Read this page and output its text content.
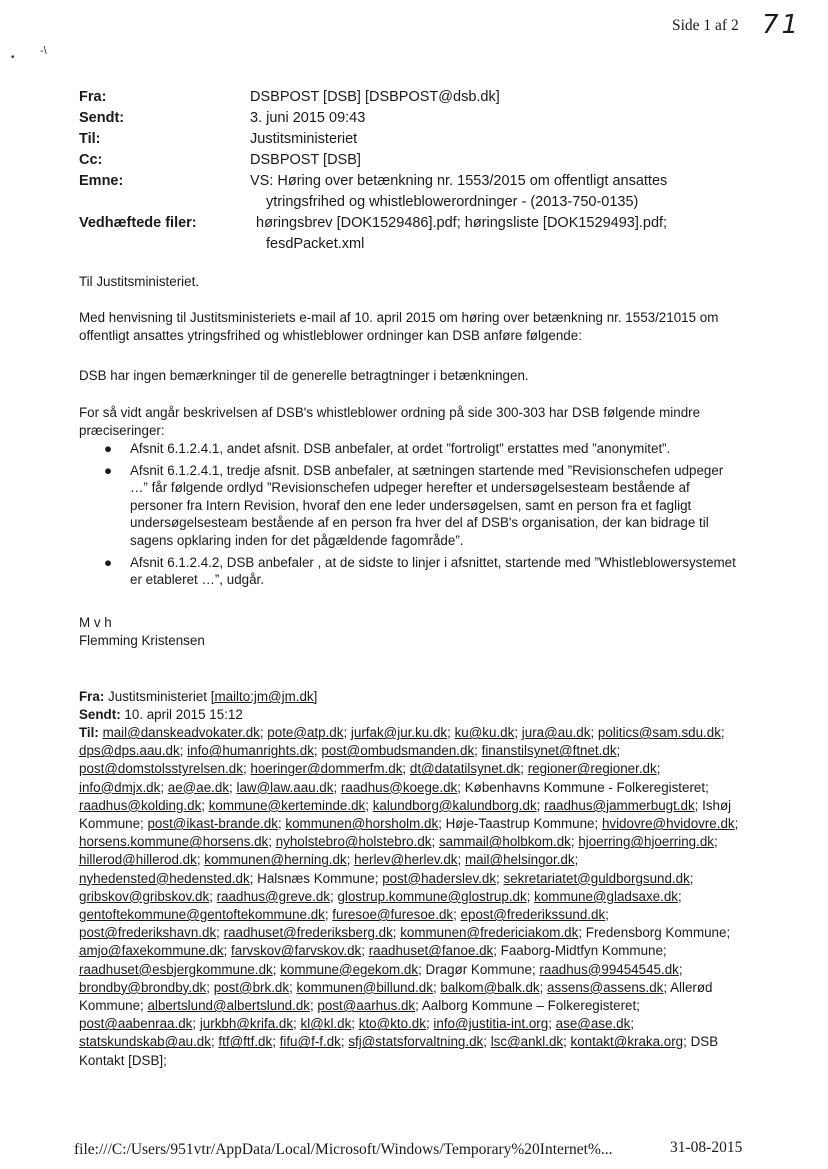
Side 1 af 2 71
•
-\
Fra:	DSBPOST [DSB] [DSBPOST@dsb.dk]
Sendt:	3. juni 2015 09:43
Til:	Justitsministeriet
Cc:	DSBPOST [DSB]
Emne:	VS: Høring over betænkning nr. 1553/2015 om offentligt ansattes
ytringsfrihed og whistleblowerordninger - (2013-750-0135)
Vedhæftede filer:	høringsbrev [DOK1529486].pdf; høringsliste [DOK1529493].pdf;
fesdPacket.xml

Til Justitsministeriet.

Med henvisning til Justitsministeriets e-mail af 10. april 2015 om høring over betænkning nr. 1553/21015 om offentligt ansattes ytringsfrihed og whistleblower ordninger kan DSB anføre følgende:

DSB har ingen bemærkninger til de generelle betragtninger i betænkningen.

For så vidt angår beskrivelsen af DSB's whistleblower ordning på side 300-303 har DSB følgende mindre præciseringer:

● Afsnit 6.1.2.4.1, andet afsnit. DSB anbefaler, at ordet ”fortroligt” erstattes med ”anonymitet”.
● Afsnit 6.1.2.4.1, tredje afsnit. DSB anbefaler, at sætningen startende med ”Revisionschefen udpeger …” får følgende ordlyd ”Revisionschefen udpeger herefter et undersøgelsesteam bestående af personer fra Intern Revision, hvoraf den ene leder undersøgelsen, samt en person fra et fagligt undersøgelsesteam bestående af en person fra hver del af DSB's organisation, der kan bidrage til sagens opklaring inden for det pågældende fagområde”.
● Afsnit 6.1.2.4.2, DSB anbefaler , at de sidste to linjer i afsnittet, startende med ”Whistleblowersystemet er etableret …”, udgår.
M v h
Flemming Kristensen
Fra: Justitsministeriet [mailto:jm@jm.dk]
Sendt: 10. april 2015 15:12
Til: mail@danskeadvokater.dk; pote@atp.dk; jurfak@jur.ku.dk; ku@ku.dk; jura@au.dk; politics@sam.sdu.dk; dps@dps.aau.dk; info@humanrights.dk; post@ombudsmanden.dk; finanstilsynet@ftnet.dk; post@domstolsstyrelsen.dk; hoeringer@dommerfm.dk; dt@datatilsynet.dk; regioner@regioner.dk; info@dmjx.dk; ae@ae.dk; law@law.aau.dk; raadhus@koege.dk; Københavns Kommune - Folkeregisteret; raadhus@kolding.dk; kommune@kerteminde.dk; kalundborg@kalundborg.dk; raadhus@jammerbugt.dk; Ishøj Kommune; post@ikast-brande.dk; kommunen@horsholm.dk; Høje-Taastrup Kommune; hvidovre@hvidovre.dk; horsens.kommune@horsens.dk; nyholstebro@holstebro.dk; sammail@holbkom.dk; hjoerring@hjoerring.dk; hillerod@hillerod.dk; kommunen@herning.dk; herlev@herlev.dk; mail@helsingor.dk; nyhedensted@hedensted.dk; Halsnæs Kommune; post@haderslev.dk; sekretariatet@guldborgsund.dk; gribskov@gribskov.dk; raadhus@greve.dk; glostrup.kommune@glostrup.dk; kommune@gladsaxe.dk; gentoftekommune@gentoftekommune.dk; furesoe@furesoe.dk; epost@frederikssund.dk; post@frederikshavn.dk; raadhuset@frederiksberg.dk; kommunen@fredericiakom.dk; Fredensborg Kommune; amjo@faxekommune.dk; farvskov@farvskov.dk; raadhuset@fanoe.dk; Faaborg-Midtfyn Kommune; raadhuset@esbjergkommune.dk; kommune@egekom.dk; Dragør Kommune; raadhus@99454545.dk; brondby@brondby.dk; post@brk.dk; kommunen@billund.dk; balkom@balk.dk; assens@assens.dk; Allerød Kommune; albertslund@albertslund.dk; post@aarhus.dk; Aalborg Kommune – Folkeregisteret; post@aabenraa.dk; jurkbh@krifa.dk; kl@kl.dk; kto@kto.dk; info@justitia-int.org; ase@ase.dk; statskundskab@au.dk; ftf@ftf.dk; fifu@f-f.dk; sfj@statsforvaltning.dk; lsc@ankl.dk; kontakt@kraka.org; DSB Kontakt [DSB];
file:///C:/Users/951vtr/AppData/Local/Microsoft/Windows/Temporary%20Internet%...	31-08-2015
